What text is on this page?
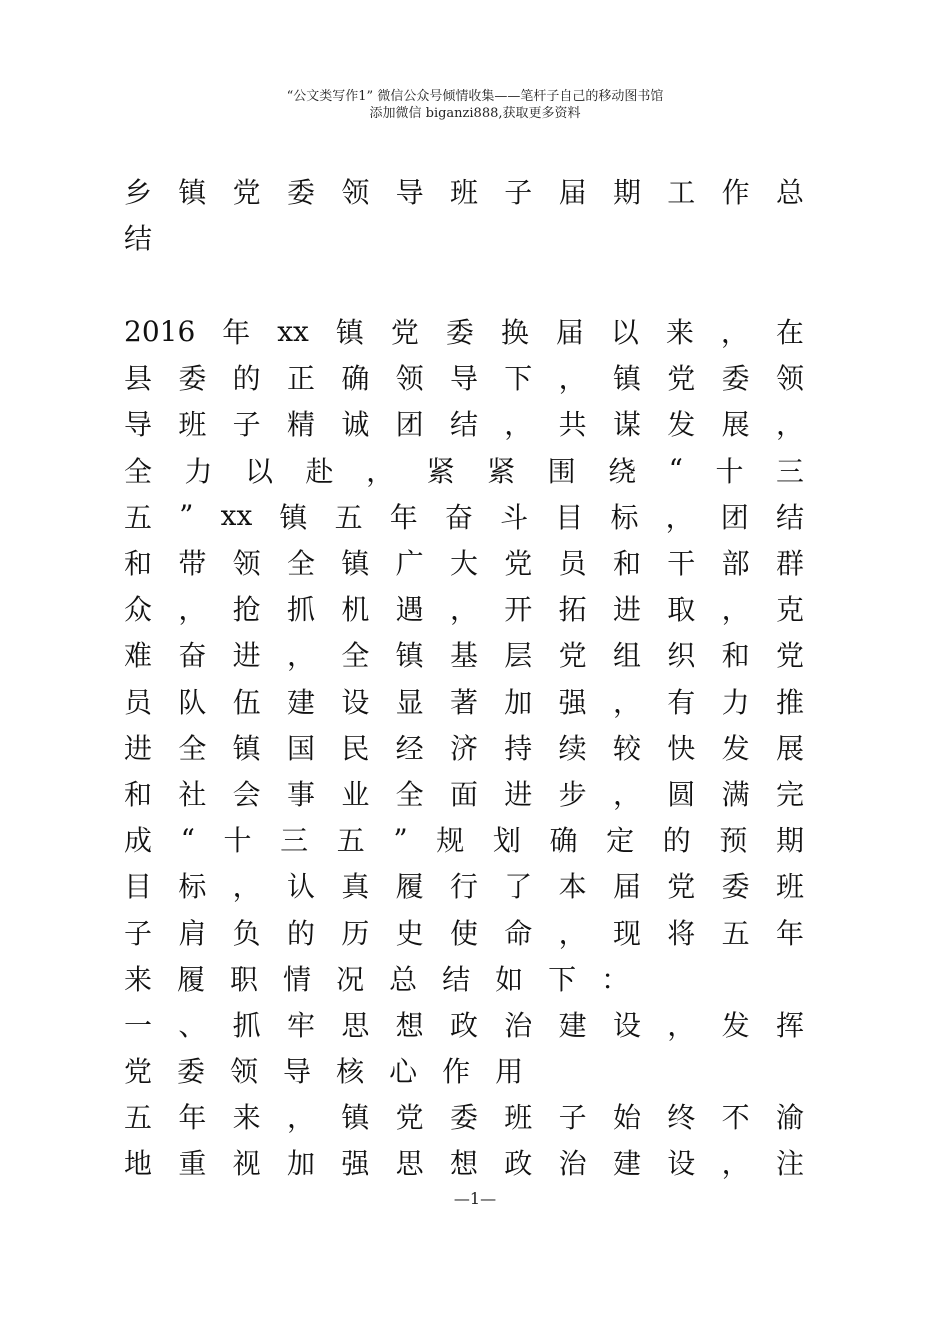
“公文类写作1” 微信公众号倾情收集——笔杆子自己的移动图书馆
添加微信 biganzi888,获取更多资料
乡 镇 党 委 领 导 班 子 届 期 工 作 总
结
2016 年 xx 镇 党 委 换 届 以 来 ， 在
县 委 的 正 确 领 导 下 ， 镇 党 委 领
导 班 子 精 诚 团 结 ， 共 谋 发 展 ，
全 力 以 赴 ， 紧 紧 围 绕 “ 十 三
五 ” xx 镇 五 年 奋 斗 目 标 ， 团 结
和 带 领 全 镇 广 大 党 员 和 干 部 群
众 ， 抢 抓 机 遇 ， 开 拓 进 取 ， 克
难 奋 进 ， 全 镇 基 层 党 组 织 和 党
员 队 伍 建 设 显 著 加 强 ， 有 力 推
进 全 镇 国 民 经 济 持 续 较 快 发 展
和 社 会 事 业 全 面 进 步 ， 圆 满 完
成 “ 十 三 五 ” 规 划 确 定 的 预 期
目 标 ， 认 真 履 行 了 本 届 党 委 班
子 肩 负 的 历 史 使 命 ， 现 将 五 年
来 履 职 情 况 总 结 如 下 ：
一 、 抓 牢 思 想 政 治 建 设 ， 发 挥
党 委 领 导 核 心 作 用
五 年 来 ， 镇 党 委 班 子 始 终 不 渝
地 重 视 加 强 思 想 政 治 建 设 ， 注
—1—
